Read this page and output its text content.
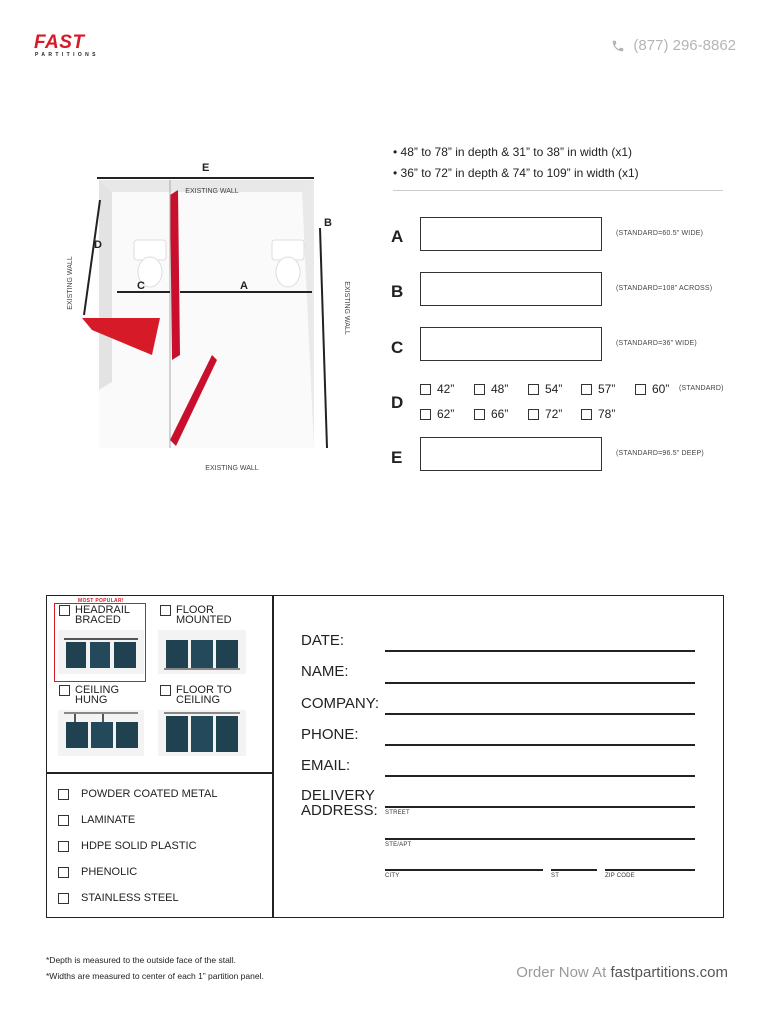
FAST
PARTITIONS
(877) 296-8862
E
EXISTING WALL
B
D
C	A
EXISTING WALL
EXISTING WALL	EXISTING WALL
• 48” to 78” in depth & 31” to 38” in width (x1)
• 36” to 72” in depth & 74” to 109” in width (x1)
A	(STANDARD=60.5” WIDE)
B	(STANDARD=108” ACROSS)
C	(STANDARD=36” WIDE)
D
42”	48”	54”	57”	60” (STANDARD)
62”	66”	72”	78”
E	(STANDARD=96.5” DEEP)
MOST POPULAR!
HEADRAIL
BRACED
FLOOR
MOUNTED
CEILING
HUNG
FLOOR TO
CEILING
POWDER COATED METAL
LAMINATE
HDPE SOLID PLASTIC
PHENOLIC
STAINLESS STEEL
DATE:
NAME:
COMPANY:
PHONE:
EMAIL:
DELIVERY
ADDRESS: STREET
STE/APT
CITY	ST	ZIP CODE
*Depth is measured to the outside face of the stall.
*Widths are measured to center of each 1” partition panel.	Order Now At fastpartitions.com
